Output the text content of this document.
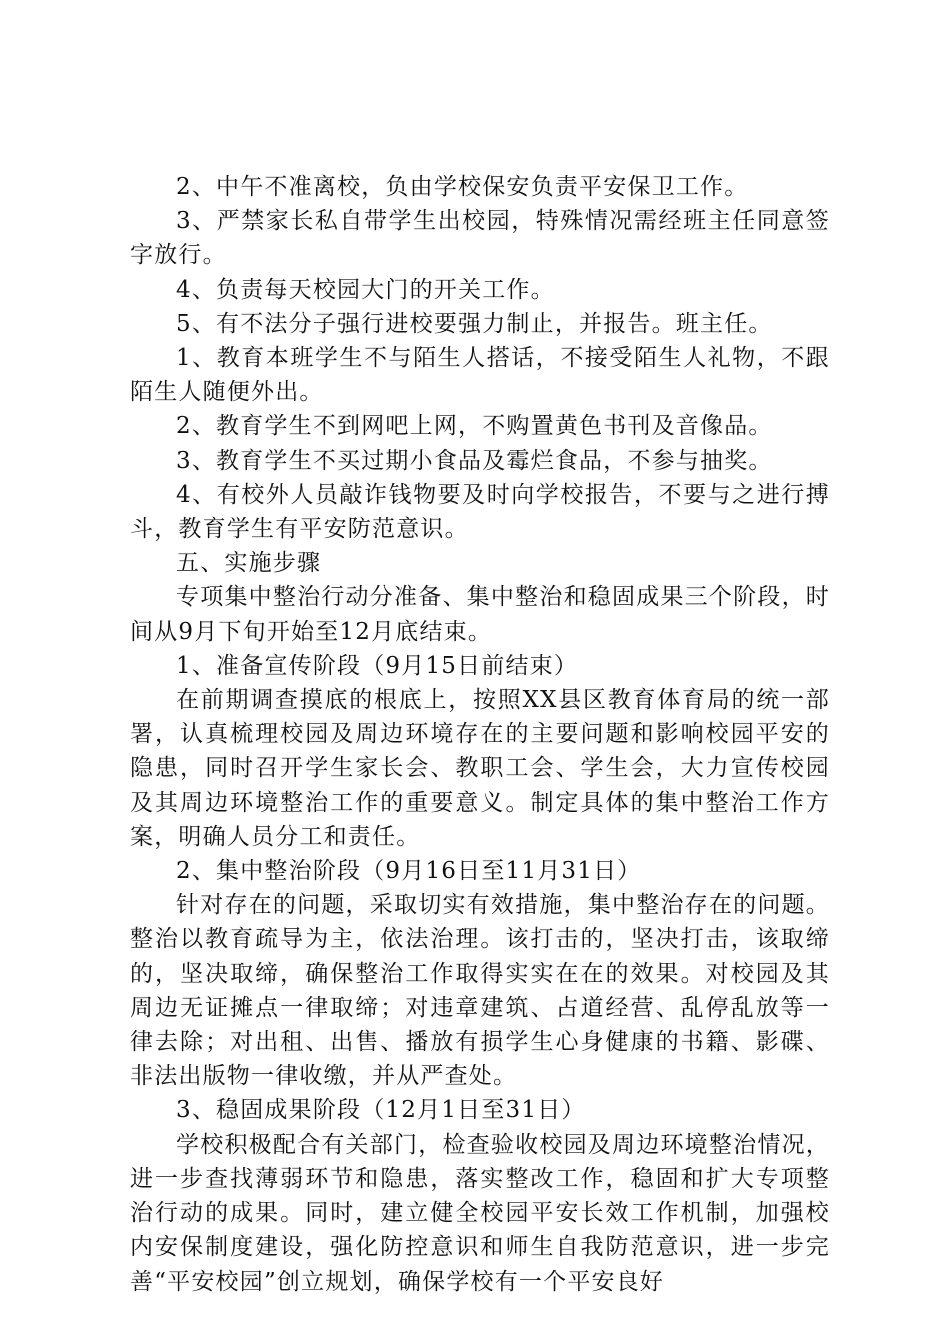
2、中午不准离校，负由学校保安负责平安保卫工作。

3、严禁家长私自带学生出校园，特殊情况需经班主任同意签字放行。

4、负责每天校园大门的开关工作。

5、有不法分子强行进校要强力制止，并报告。班主任。

1、教育本班学生不与陌生人搭话，不接受陌生人礼物，不跟陌生人随便外出。

2、教育学生不到网吧上网，不购置黄色书刊及音像品。

3、教育学生不买过期小食品及霉烂食品，不参与抽奖。

4、有校外人员敲诈钱物要及时向学校报告，不要与之进行搏斗，教育学生有平安防范意识。

五、实施步骤

专项集中整治行动分准备、集中整治和稳固成果三个阶段，时间从9月下旬开始至12月底结束。

1、准备宣传阶段（9月15日前结束）

在前期调查摸底的根底上，按照XX县区教育体育局的统一部署，认真梳理校园及周边环境存在的主要问题和影响校园平安的隐患，同时召开学生家长会、教职工会、学生会，大力宣传校园及其周边环境整治工作的重要意义。制定具体的集中整治工作方案，明确人员分工和责任。

2、集中整治阶段（9月16日至11月31日）

针对存在的问题，采取切实有效措施，集中整治存在的问题。整治以教育疏导为主，依法治理。该打击的，坚决打击，该取缔的，坚决取缔，确保整治工作取得实实在在的效果。对校园及其周边无证摊点一律取缔；对违章建筑、占道经营、乱停乱放等一律去除；对出租、出售、播放有损学生心身健康的书籍、影碟、非法出版物一律收缴，并从严查处。

3、稳固成果阶段（12月1日至31日）

学校积极配合有关部门，检查验收校园及周边环境整治情况，进一步查找薄弱环节和隐患，落实整改工作，稳固和扩大专项整治行动的成果。同时，建立健全校园平安长效工作机制，加强校内安保制度建设，强化防控意识和师生自我防范意识，进一步完善“平安校园”创立规划，确保学校有一个平安良好
